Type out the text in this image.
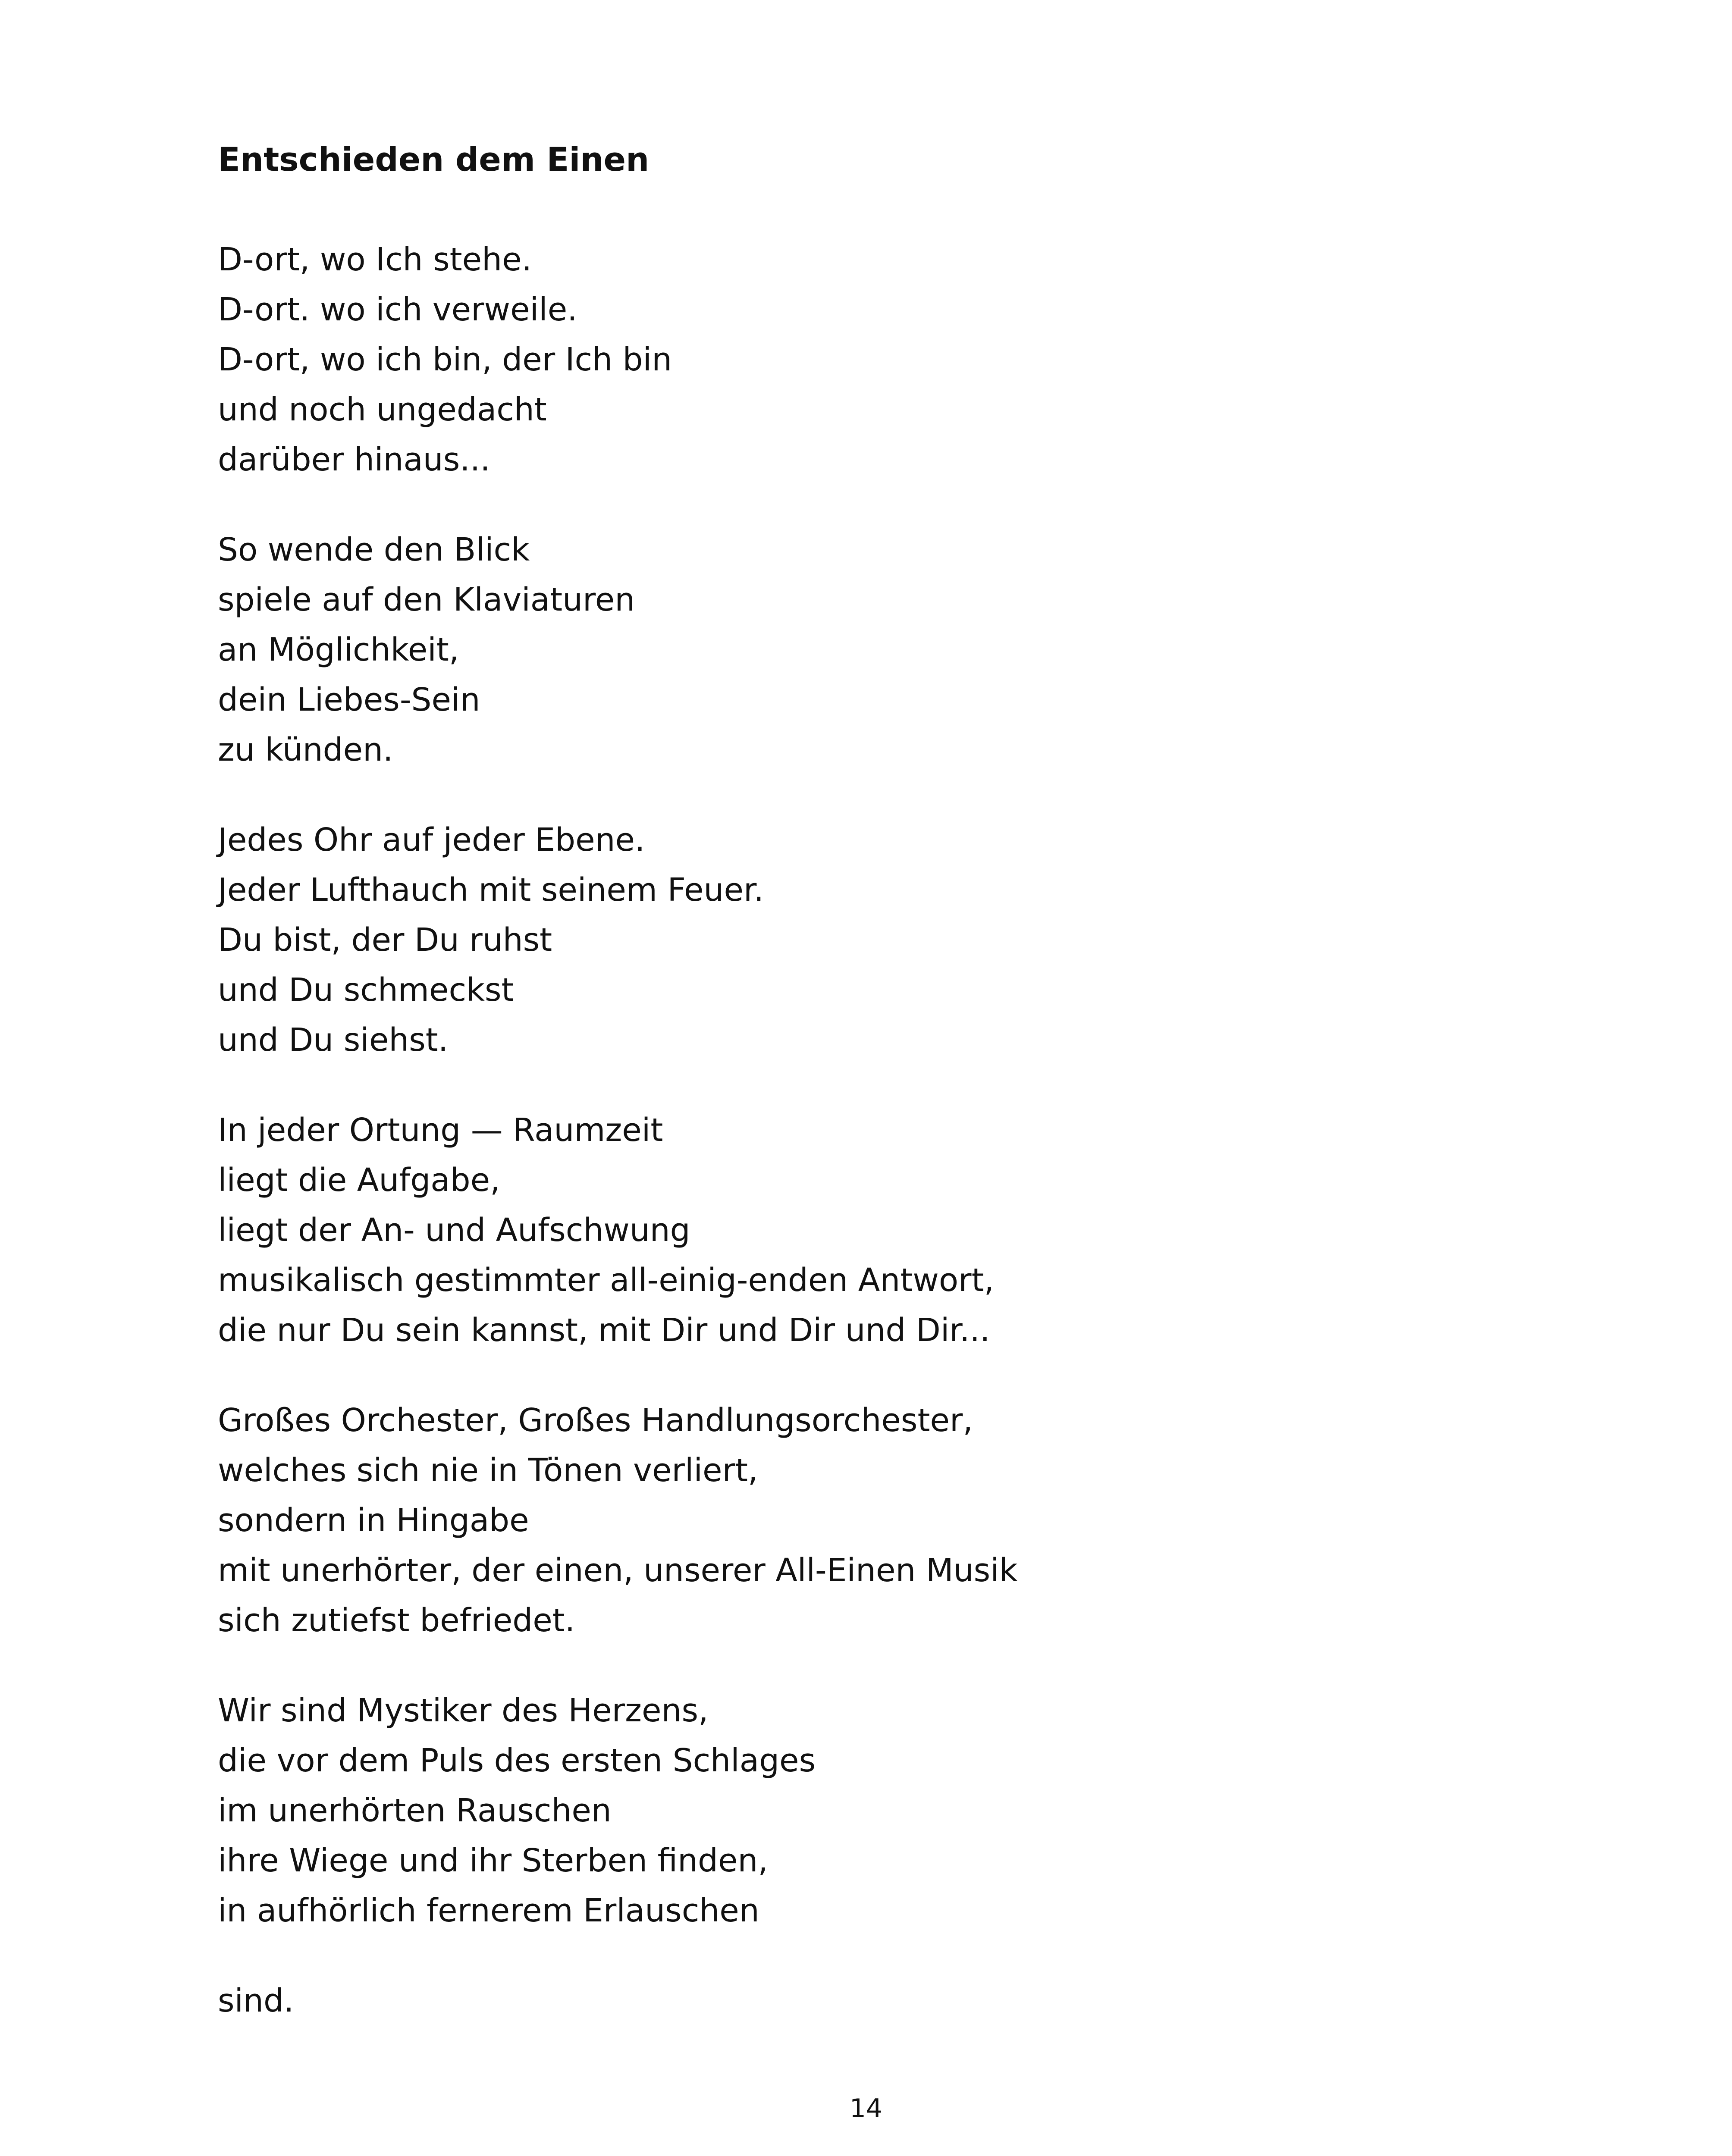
Entschieden dem Einen
D-ort, wo Ich stehe.
D-ort. wo ich verweile.
D-ort, wo ich bin, der Ich bin
und noch ungedacht
darüber hinaus...
So wende den Blick
spiele auf den Klaviaturen
an Möglichkeit,
dein Liebes-Sein
zu künden.
Jedes Ohr auf jeder Ebene.
Jeder Lufthauch mit seinem Feuer.
Du bist, der Du ruhst
und Du schmeckst
und Du siehst.
In jeder Ortung — Raumzeit
liegt die Aufgabe,
liegt der An- und Aufschwung
musikalisch gestimmter all-einig-enden Antwort,
die nur Du sein kannst, mit Dir und Dir und Dir...
Großes Orchester, Großes Handlungsorchester,
welches sich nie in Tönen verliert,
sondern in Hingabe
mit unerhörter, der einen, unserer All-Einen Musik
sich zutiefst befriedet.
Wir sind Mystiker des Herzens,
die vor dem Puls des ersten Schlages
im unerhörten Rauschen
ihre Wiege und ihr Sterben finden,
in aufhörlich fernerem Erlauschen
sind.
14
